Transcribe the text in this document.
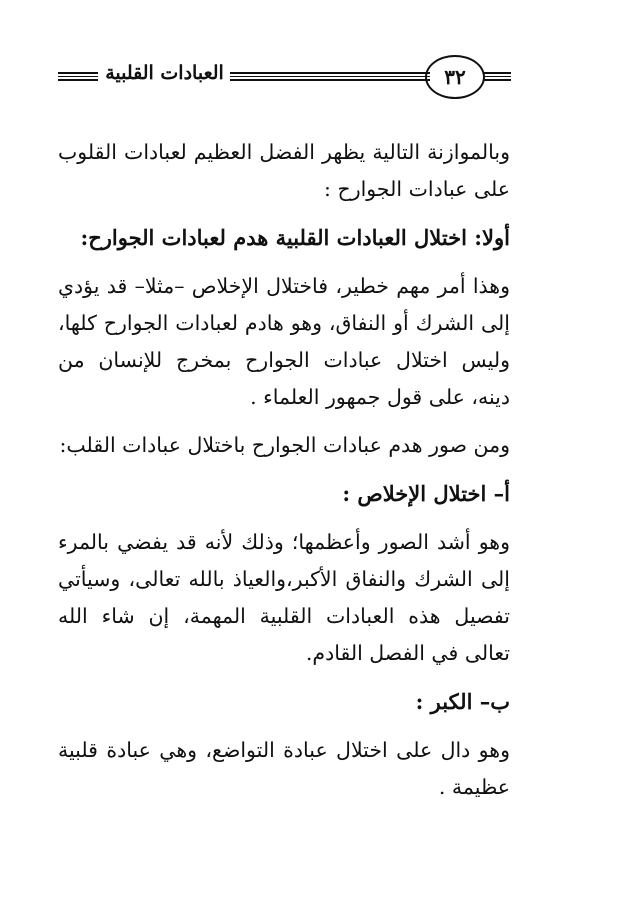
العبادات القلبية	٣٢

وبالموازنة التالية يظهر الفضل العظيم لعبادات القلوب على عبادات الجوارح :

أولا: اختلال العبادات القلبية هدم لعبادات الجوارح:

وهذا أمر مهم خطير، فاختلال الإخلاص –مثلا– قد يؤدي إلى الشرك أو النفاق، وهو هادم لعبادات الجوارح كلها، وليس اختلال عبادات الجوارح بمخرج للإنسان من دينه، على قول جمهور العلماء .

ومن صور هدم عبادات الجوارح باختلال عبادات القلب:

أ– اختلال الإخلاص :

وهو أشد الصور وأعظمها؛ وذلك لأنه قد يفضي بالمرء إلى الشرك والنفاق الأكبر،والعياذ بالله تعالى، وسيأتي تفصيل هذه العبادات القلبية المهمة، إن شاء الله تعالى في الفصل القادم.

ب– الكبر :

وهو دال على اختلال عبادة التواضع، وهي عبادة قلبية عظيمة .
